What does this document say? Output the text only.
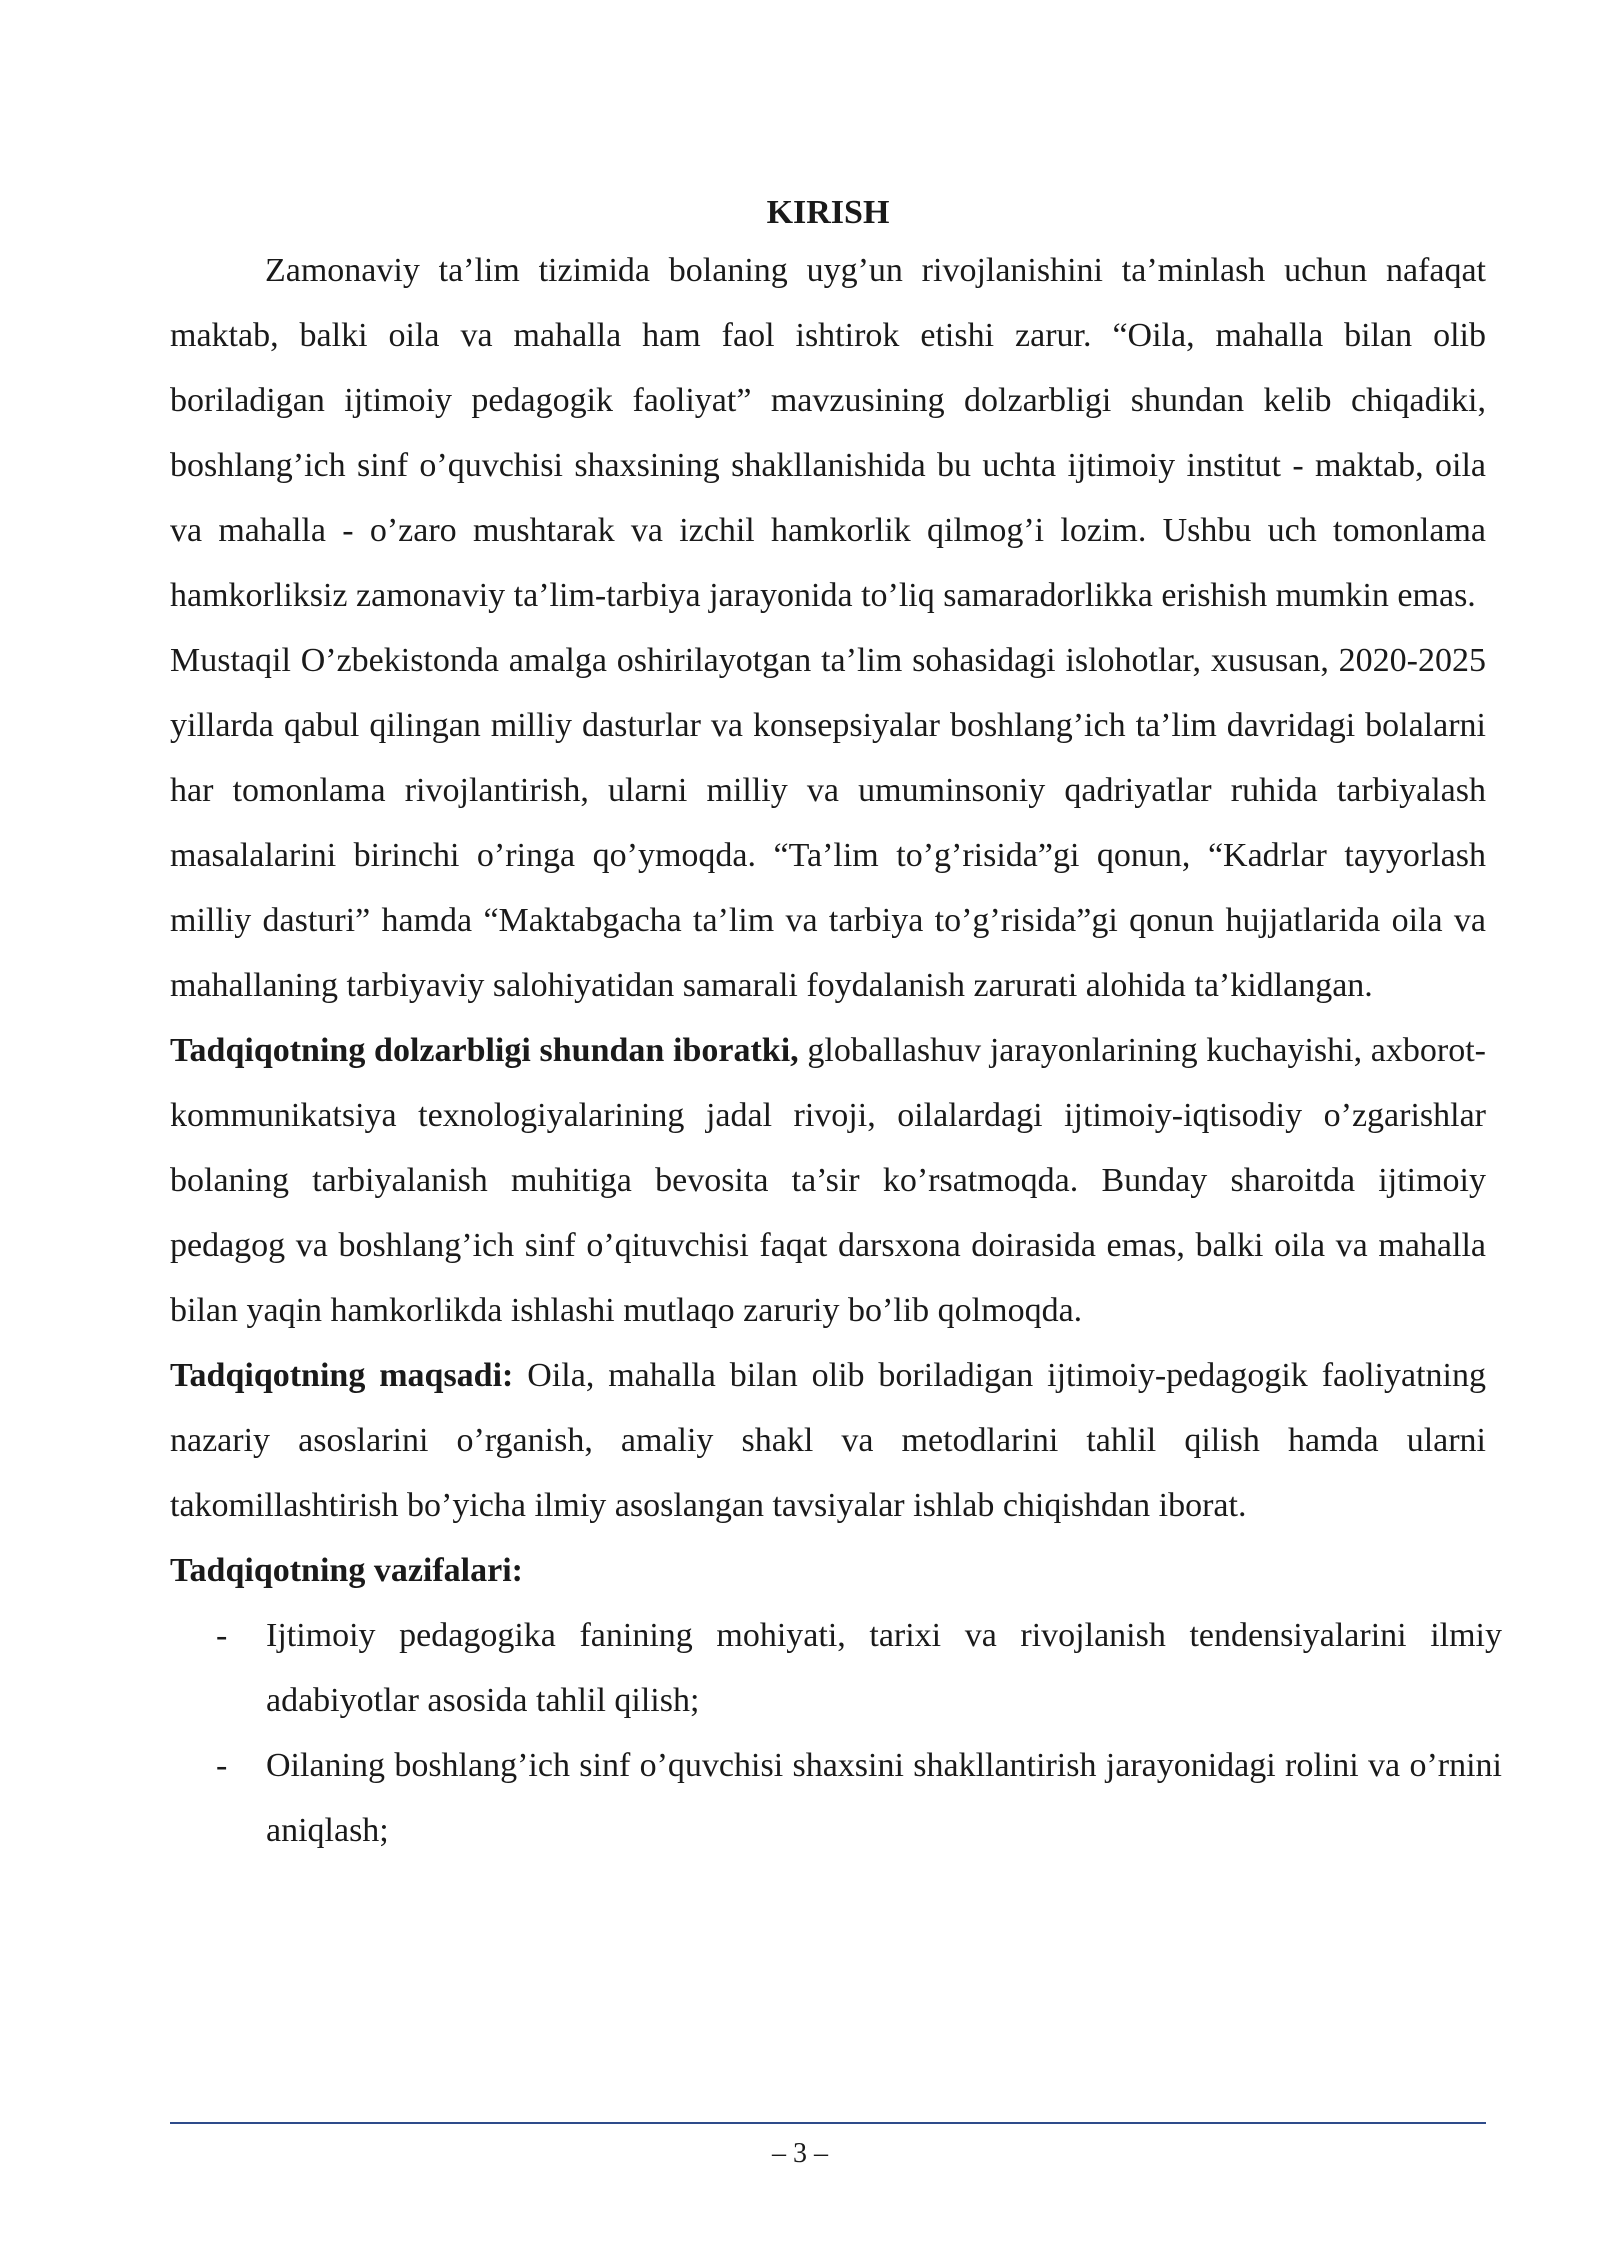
KIRISH

Zamonaviy ta’lim tizimida bolaning uyg’un rivojlanishini ta’minlash uchun nafaqat maktab, balki oila va mahalla ham faol ishtirok etishi zarur. “Oila, mahalla bilan olib boriladigan ijtimoiy pedagogik faoliyat” mavzusining dolzarbligi shundan kelib chiqadiki, boshlang’ich sinf o’quvchisi shaxsining shakllanishida bu uchta ijtimoiy institut - maktab, oila va mahalla - o’zaro mushtarak va izchil hamkorlik qilmog’i lozim. Ushbu uch tomonlama hamkorliksiz zamonaviy ta’lim-tarbiya jarayonida to’liq samaradorlikka erishish mumkin emas.

Mustaqil O’zbekistonda amalga oshirilayotgan ta’lim sohasidagi islohotlar, xususan, 2020-2025 yillarda qabul qilingan milliy dasturlar va konsepsiyalar boshlang’ich ta’lim davridagi bolalarni har tomonlama rivojlantirish, ularni milliy va umuminsoniy qadriyatlar ruhida tarbiyalash masalalarini birinchi o’ringa qo’ymoqda. “Ta’lim to’g’risida”gi qonun, “Kadrlar tayyorlash milliy dasturi” hamda “Maktabgacha ta’lim va tarbiya to’g’risida”gi qonun hujjatlarida oila va mahallaning tarbiyaviy salohiyatidan samarali foydalanish zarurati alohida ta’kidlangan.

Tadqiqotning dolzarbligi shundan iboratki, globallashuv jarayonlarining kuchayishi, axborot-kommunikatsiya texnologiyalarining jadal rivoji, oilalardagi ijtimoiy-iqtisodiy o’zgarishlar bolaning tarbiyalanish muhitiga bevosita ta’sir ko’rsatmoqda. Bunday sharoitda ijtimoiy pedagog va boshlang’ich sinf o’qituvchisi faqat darsxona doirasida emas, balki oila va mahalla bilan yaqin hamkorlikda ishlashi mutlaqo zaruriy bo’lib qolmoqda.

Tadqiqotning maqsadi: Oila, mahalla bilan olib boriladigan ijtimoiy-pedagogik faoliyatning nazariy asoslarini o’rganish, amaliy shakl va metodlarini tahlil qilish hamda ularni takomillashtirish bo’yicha ilmiy asoslangan tavsiyalar ishlab chiqishdan iborat.

Tadqiqotning vazifalari:

- Ijtimoiy pedagogika fanining mohiyati, tarixi va rivojlanish tendensiyalarini ilmiy adabiyotlar asosida tahlil qilish;
- Oilaning boshlang’ich sinf o’quvchisi shaxsini shakllantirish jarayonidagi rolini va o’rnini aniqlash;
– 3 –
